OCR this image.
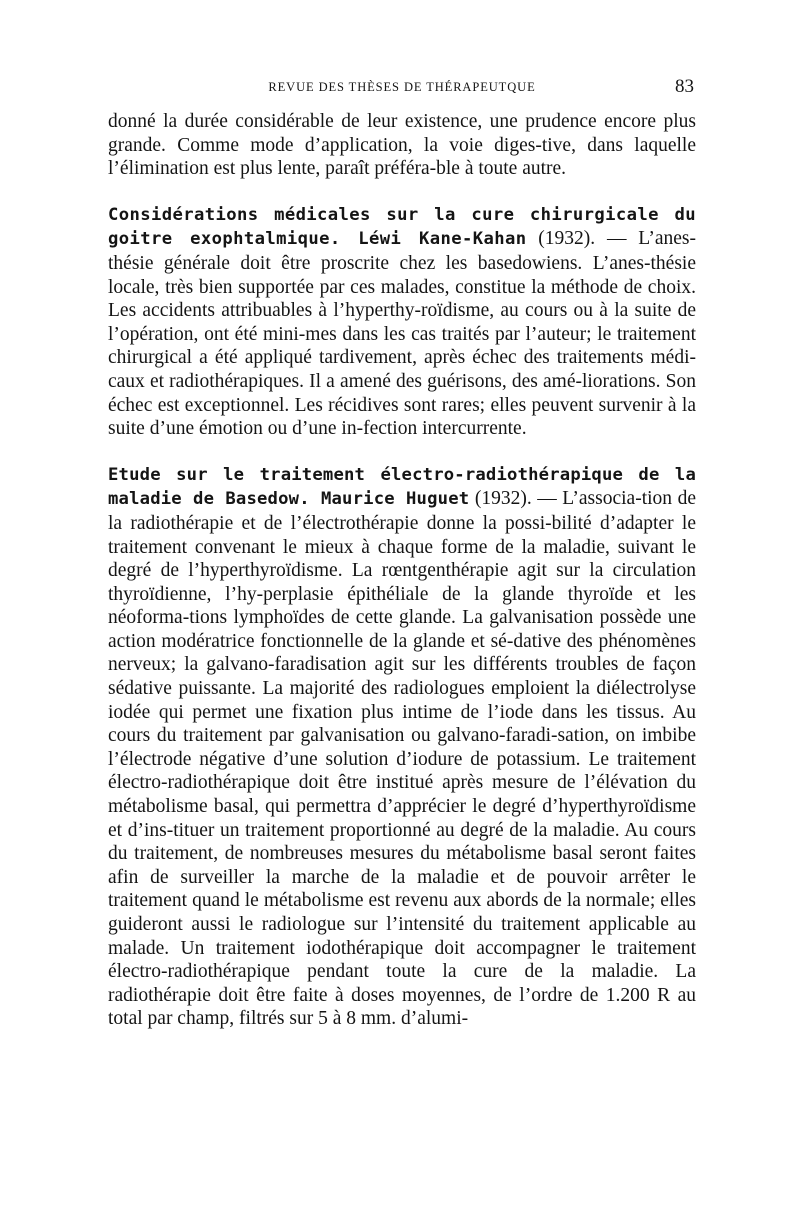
REVUE DES THÈSES DE THÉRAPEUTQUE	83

donné la durée considérable de leur existence, une prudence encore plus grande. Comme mode d’application, la voie diges-tive, dans laquelle l’élimination est plus lente, paraît préféra-ble à toute autre.

Considérations médicales sur la cure chirurgicale du goitre exophtalmique. Léwi Kane-Kahan (1932). — L’anes-thésie générale doit être proscrite chez les basedowiens. L’anes-thésie locale, très bien supportée par ces malades, constitue la méthode de choix. Les accidents attribuables à l’hyperthy-roïdisme, au cours ou à la suite de l’opération, ont été mini-mes dans les cas traités par l’auteur; le traitement chirurgical a été appliqué tardivement, après échec des traitements médi-caux et radiothérapiques. Il a amené des guérisons, des amé-liorations. Son échec est exceptionnel. Les récidives sont rares; elles peuvent survenir à la suite d’une émotion ou d’une in-fection intercurrente.

Etude sur le traitement électro-radiothérapique de la maladie de Basedow. Maurice Huguet (1932). — L’associa-tion de la radiothérapie et de l’électrothérapie donne la possi-bilité d’adapter le traitement convenant le mieux à chaque forme de la maladie, suivant le degré de l’hyperthyroïdisme. La rœntgenthérapie agit sur la circulation thyroïdienne, l’hy-perplasie épithéliale de la glande thyroïde et les néoforma-tions lymphoïdes de cette glande. La galvanisation possède une action modératrice fonctionnelle de la glande et sé-dative des phénomènes nerveux; la galvano-faradisation agit sur les différents troubles de façon sédative puissante. La majorité des radiologues emploient la diélectrolyse iodée qui permet une fixation plus intime de l’iode dans les tissus. Au cours du traitement par galvanisation ou galvano-faradi-sation, on imbibe l’électrode négative d’une solution d’iodure de potassium. Le traitement électro-radiothérapique doit être institué après mesure de l’élévation du métabolisme basal, qui permettra d’apprécier le degré d’hyperthyroïdisme et d’ins-tituer un traitement proportionné au degré de la maladie. Au cours du traitement, de nombreuses mesures du métabolisme basal seront faites afin de surveiller la marche de la maladie et de pouvoir arrêter le traitement quand le métabolisme est revenu aux abords de la normale; elles guideront aussi le radiologue sur l’intensité du traitement applicable au malade. Un traitement iodothérapique doit accompagner le traitement électro-radiothérapique pendant toute la cure de la maladie. La radiothérapie doit être faite à doses moyennes, de l’ordre de 1.200 R au total par champ, filtrés sur 5 à 8 mm. d’alumi-
